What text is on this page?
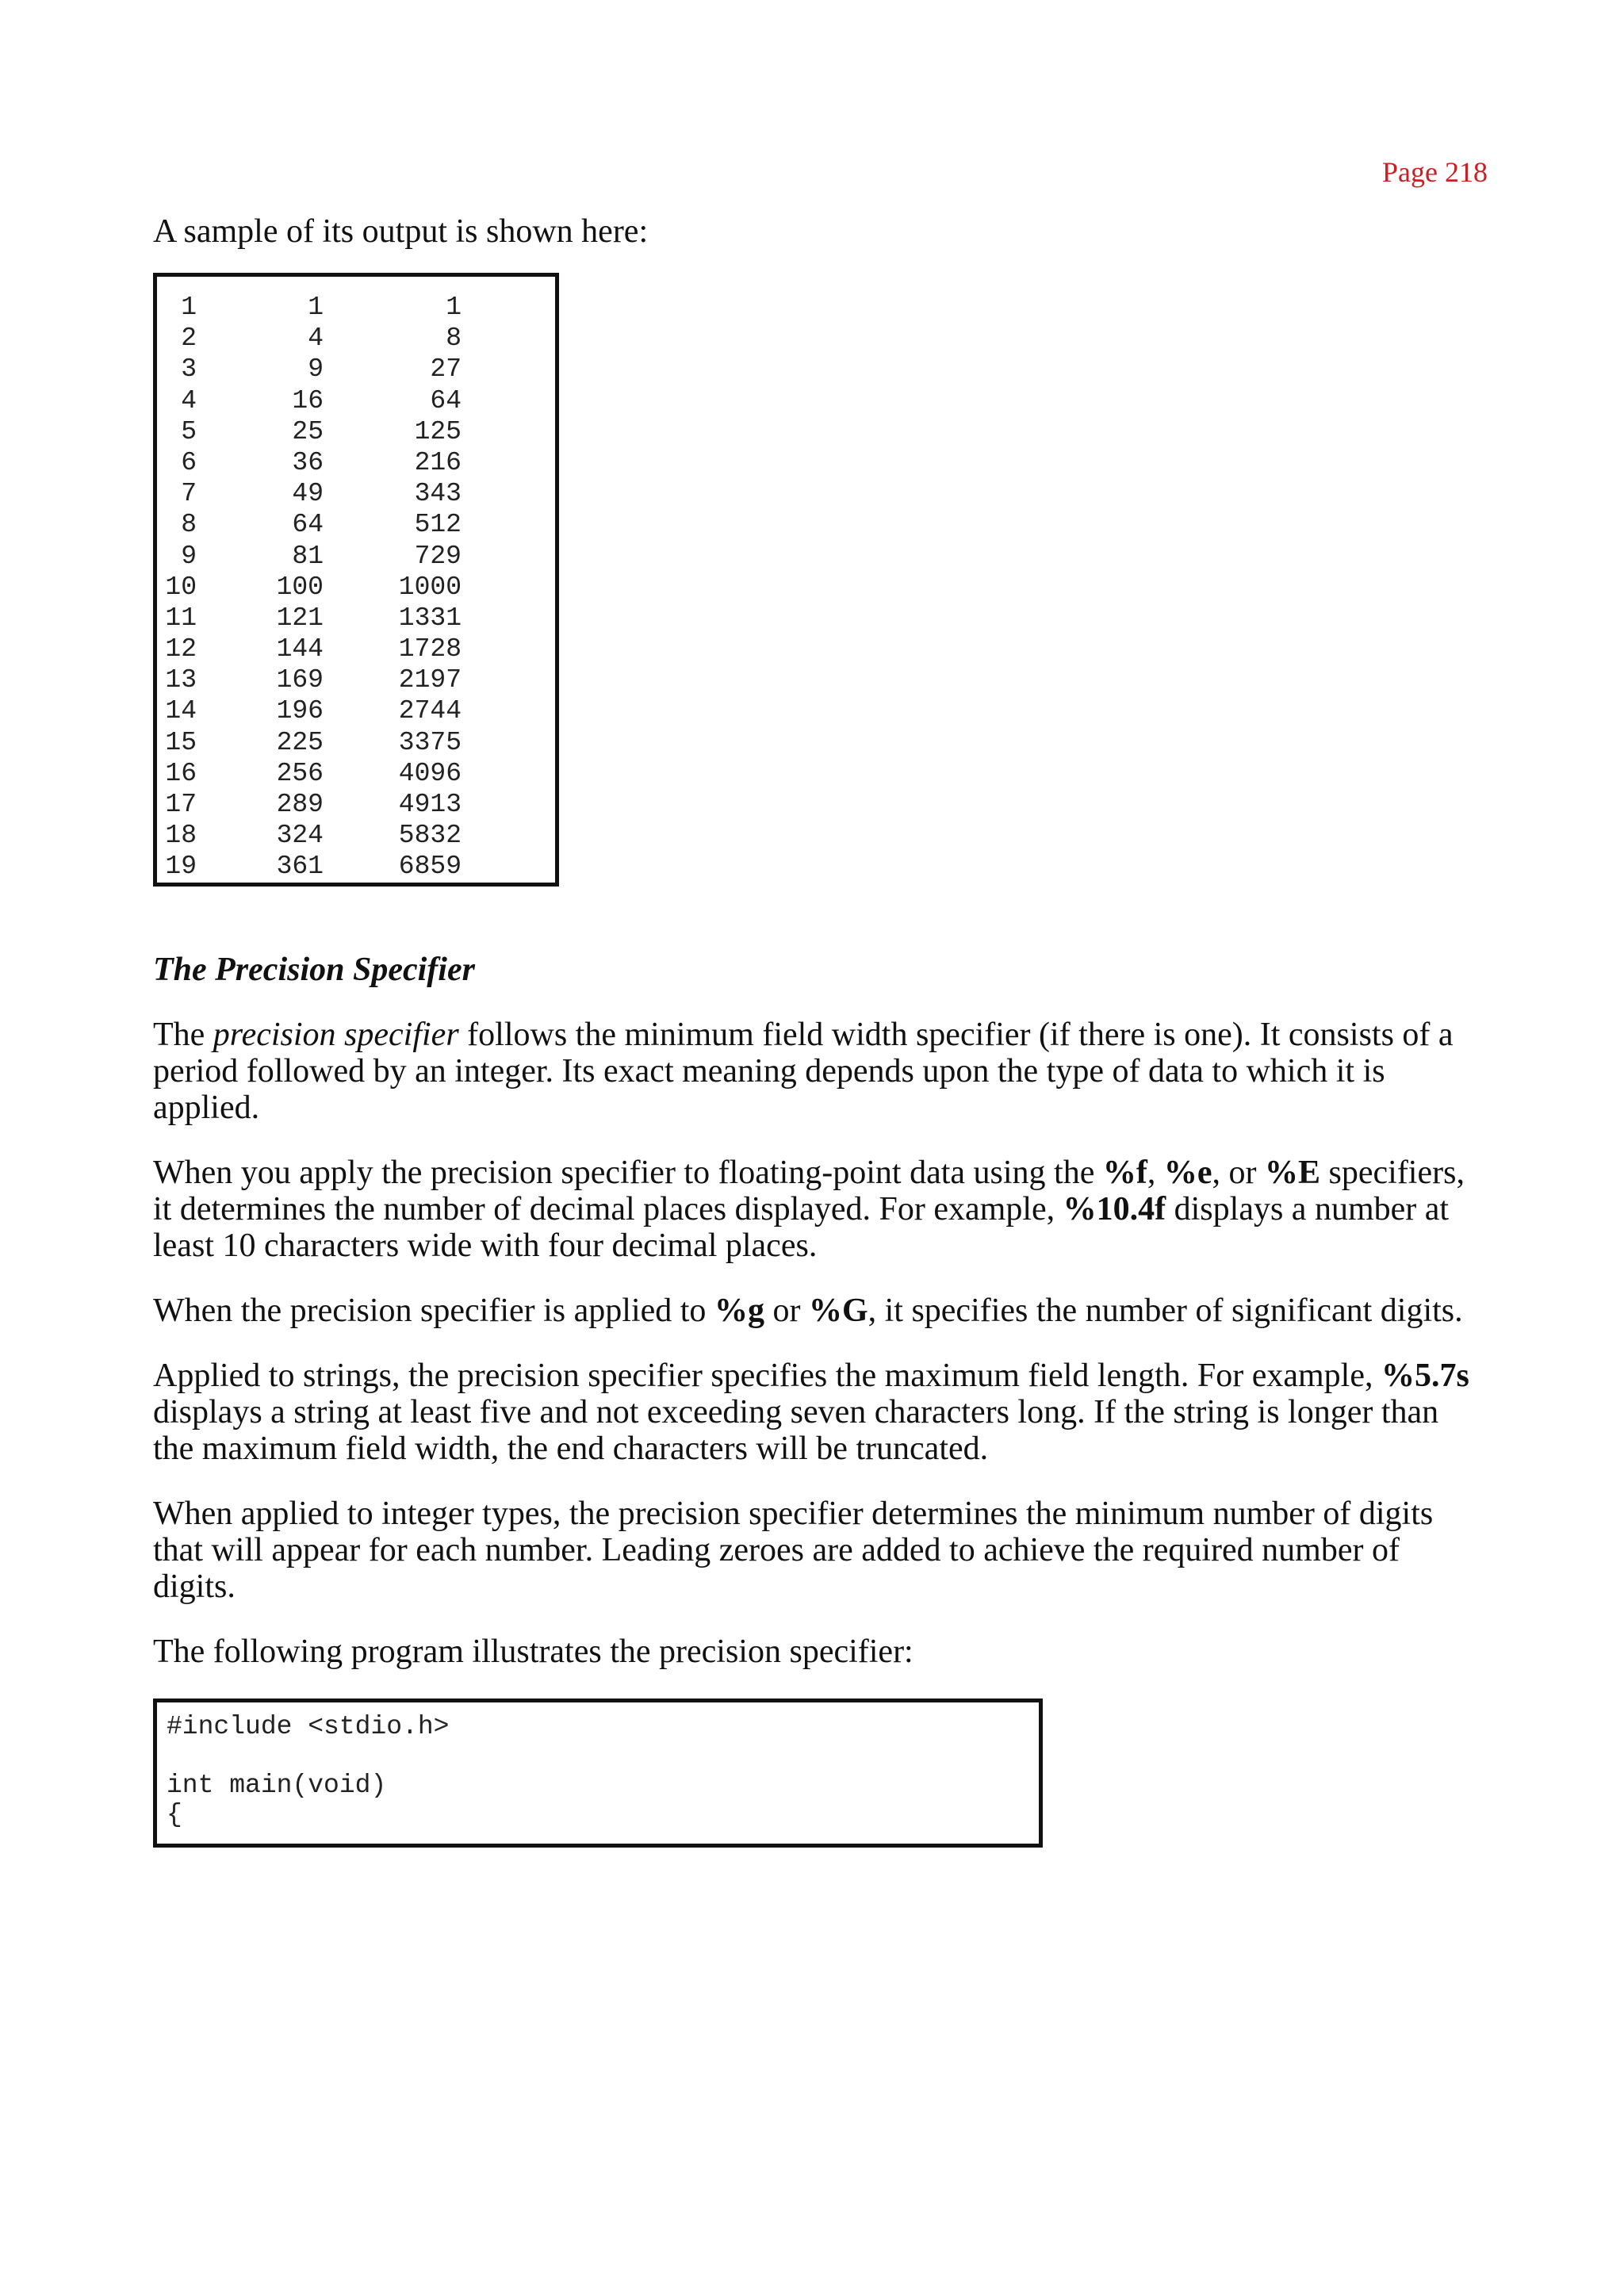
Page 218

A sample of its output is shown here:

1	1	1
2	4	8
3	9	27
4	16	64
5	25	125
6	36	216
7	49	343
8	64	512
9	81	729
10	100	1000
11	121	1331
12	144	1728
13	169	2197
14	196	2744
15	225	3375
16	256	4096
17	289	4913
18	324	5832
19	361	6859
The Precision Specifier

The precision specifier follows the minimum field width specifier (if there is one). It consists of a period followed by an integer. Its exact meaning depends upon the type of data to which it is applied.

When you apply the precision specifier to floating-point data using the %f, %e, or %E specifiers, it determines the number of decimal places displayed. For example, %10.4f displays a number at least 10 characters wide with four decimal places.

When the precision specifier is applied to %g or %G, it specifies the number of significant digits.

Applied to strings, the precision specifier specifies the maximum field length. For example, %5.7s displays a string at least five and not exceeding seven characters long. If the string is longer than the maximum field width, the end characters will be truncated.

When applied to integer types, the precision specifier determines the minimum number of digits that will appear for each number. Leading zeroes are added to achieve the required number of digits.

The following program illustrates the precision specifier:

#include <stdio.h>
int main(void)
{
